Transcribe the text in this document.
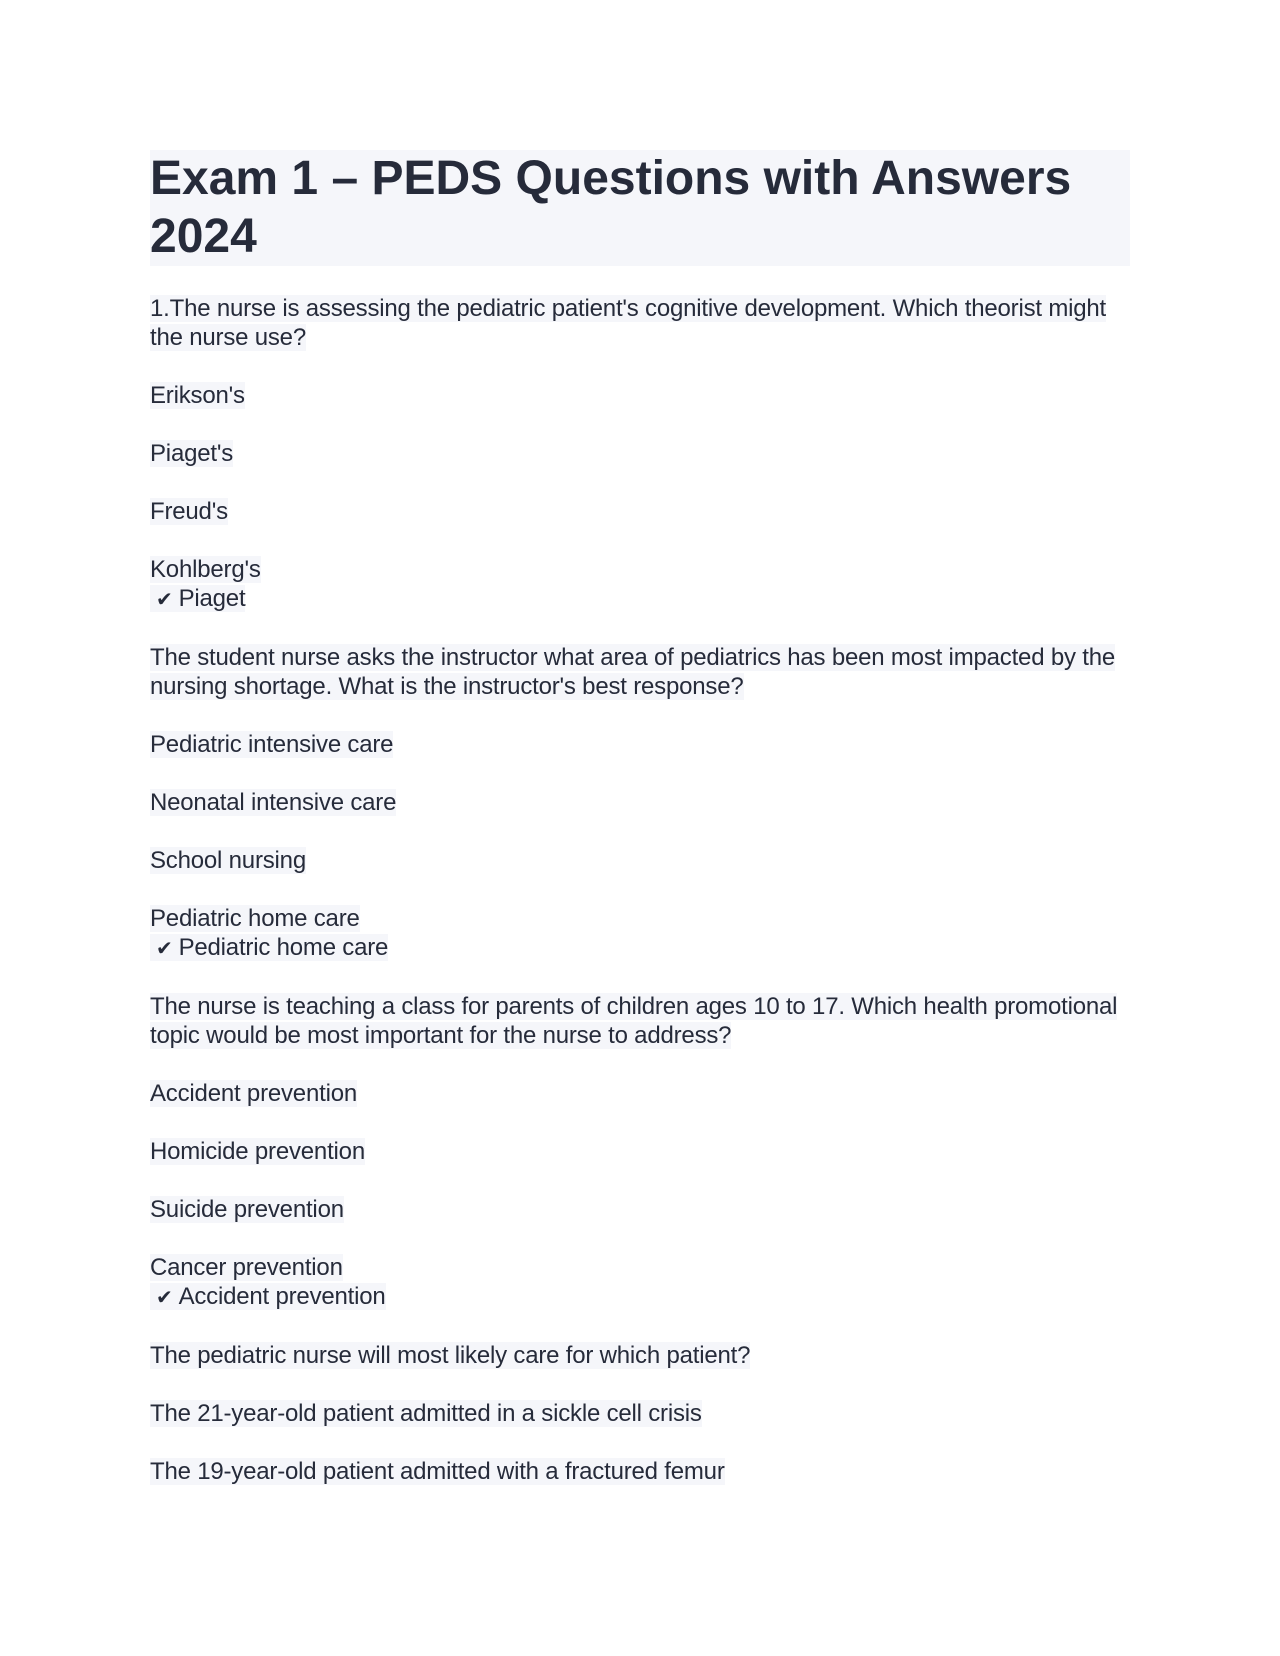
Exam 1 – PEDS Questions with Answers 2024

1.The nurse is assessing the pediatric patient's cognitive development. Which theorist might the nurse use?

Erikson's

Piaget's

Freud's

Kohlberg's
✔ Piaget

The student nurse asks the instructor what area of pediatrics has been most impacted by the nursing shortage. What is the instructor's best response?

Pediatric intensive care

Neonatal intensive care

School nursing

Pediatric home care
✔ Pediatric home care

The nurse is teaching a class for parents of children ages 10 to 17. Which health promotional topic would be most important for the nurse to address?

Accident prevention

Homicide prevention

Suicide prevention

Cancer prevention
✔ Accident prevention

The pediatric nurse will most likely care for which patient?

The 21-year-old patient admitted in a sickle cell crisis

The 19-year-old patient admitted with a fractured femur
